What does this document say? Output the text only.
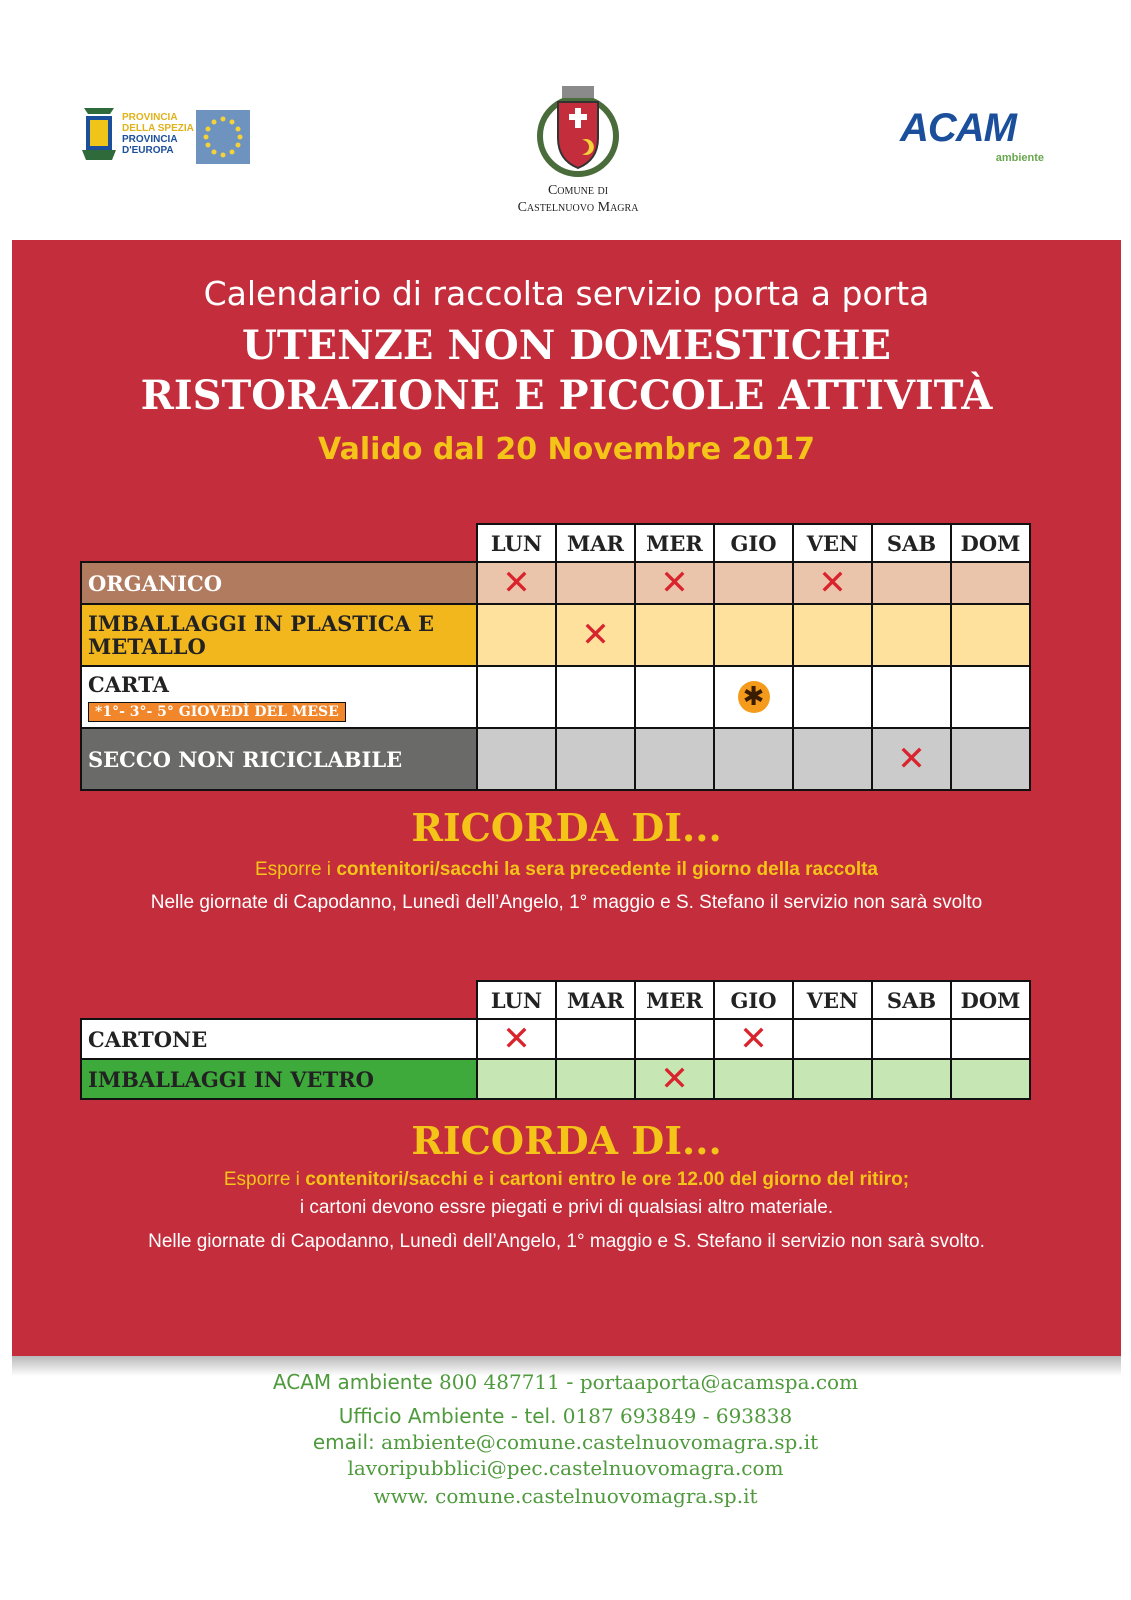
PROVINCIA
DELLA SPEZIA
PROVINCIA
D'EUROPA
Comune di
Castelnuovo Magra
ACAM
ambiente
Calendario di raccolta servizio porta a porta
UTENZE NON DOMESTICHE
RISTORAZIONE E PICCOLE ATTIVITÀ
Valido dal 20 Novembre 2017
	LUN	MAR	MER	GIO	VEN	SAB	DOM

ORGANICO	✕		✕		✕		

IMBALLAGGI IN PLASTICA E METALLO		✕					

CARTA
*1°- 3°- 5° GIOVEDÌ DEL MESE				✱			

SECCO NON RICICLABILE						✕	
RICORDA DI...
Esporre i contenitori/sacchi la sera precedente il giorno della raccolta
Nelle giornate di Capodanno, Lunedì dell’Angelo, 1° maggio e S. Stefano il servizio non sarà svolto
	LUN	MAR	MER	GIO	VEN	SAB	DOM

CARTONE	✕			✕			

IMBALLAGGI IN VETRO			✕				
RICORDA DI...
Esporre i contenitori/sacchi e i cartoni entro le ore 12.00 del giorno del ritiro;
i cartoni devono essre piegati e privi di qualsiasi altro materiale.
Nelle giornate di Capodanno, Lunedì dell’Angelo, 1° maggio e S. Stefano il servizio non sarà svolto.
ACAM ambiente 800 487711 - portaaporta@acamspa.com
Ufficio Ambiente - tel. 0187 693849 - 693838
email: ambiente@comune.castelnuovomagra.sp.it
lavoripubblici@pec.castelnuovomagra.com
www. comune.castelnuovomagra.sp.it
